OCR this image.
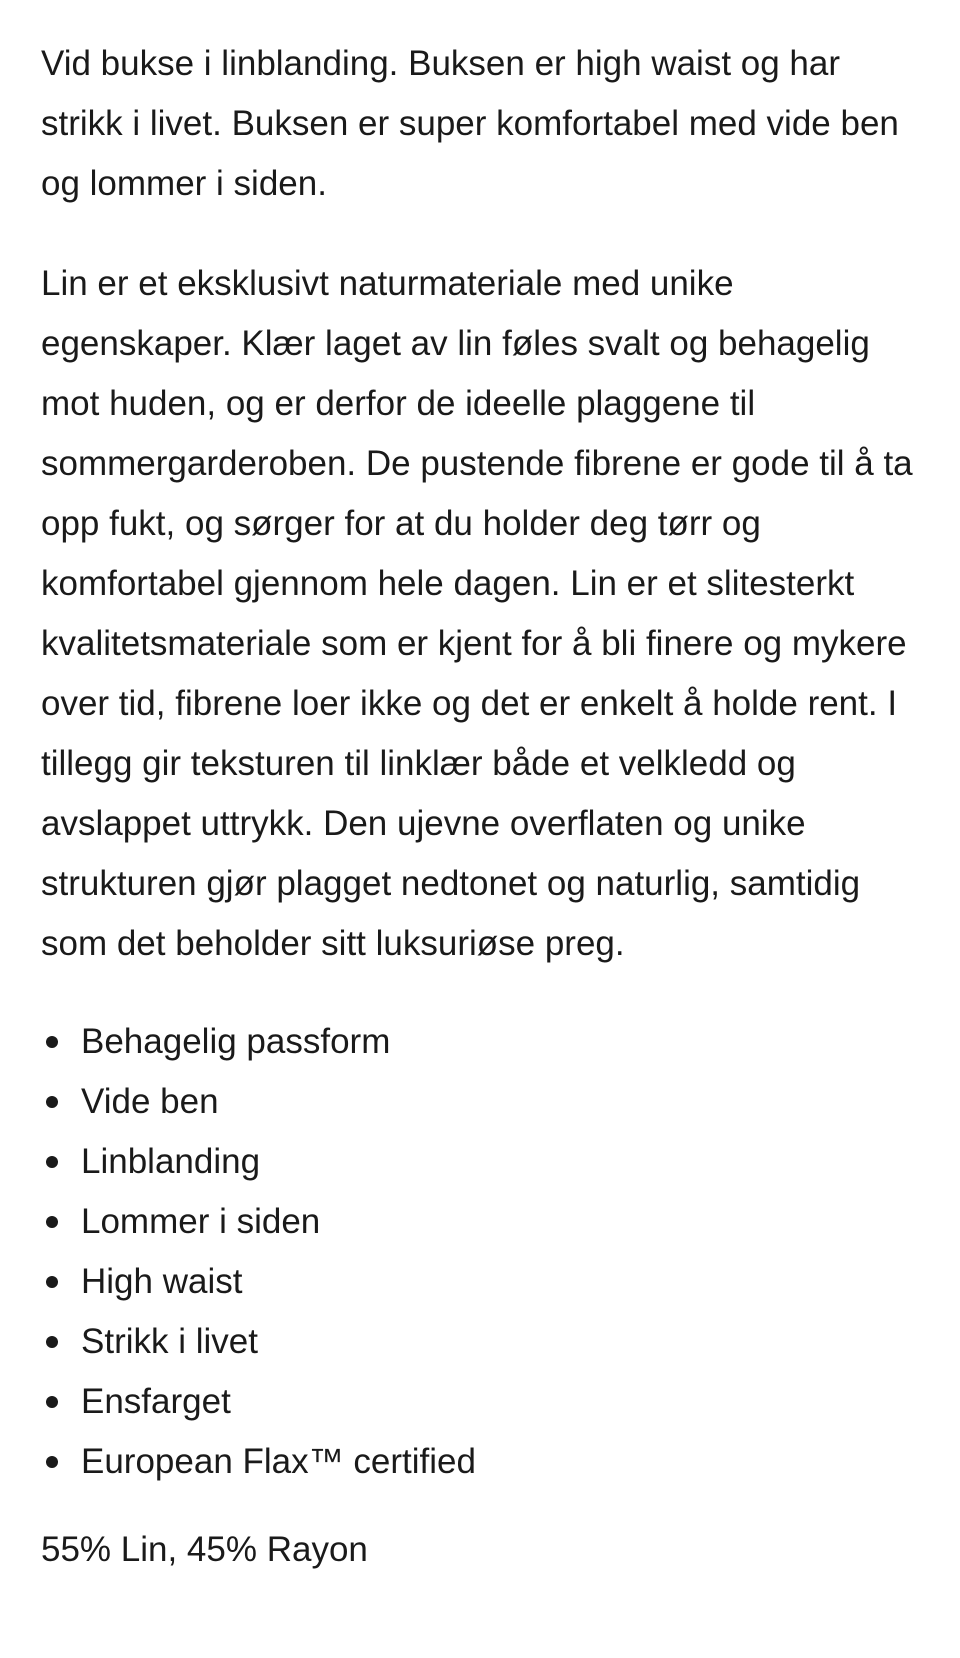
Vid bukse i linblanding. Buksen er high waist og har strikk i livet. Buksen er super komfortabel med vide ben og lommer i siden.

Lin er et eksklusivt naturmateriale med unike egenskaper. Klær laget av lin føles svalt og behagelig mot huden, og er derfor de ideelle plaggene til sommergarderoben. De pustende fibrene er gode til å ta opp fukt, og sørger for at du holder deg tørr og komfortabel gjennom hele dagen. Lin er et slitesterkt kvalitetsmateriale som er kjent for å bli finere og mykere over tid, fibrene loer ikke og det er enkelt å holde rent. I tillegg gir teksturen til linklær både et velkledd og avslappet uttrykk. Den ujevne overflaten og unike strukturen gjør plagget nedtonet og naturlig, samtidig som det beholder sitt luksuriøse preg.

Behagelig passform
Vide ben
Linblanding
Lommer i siden
High waist
Strikk i livet
Ensfarget
European Flax™ certified

55% Lin, 45% Rayon
